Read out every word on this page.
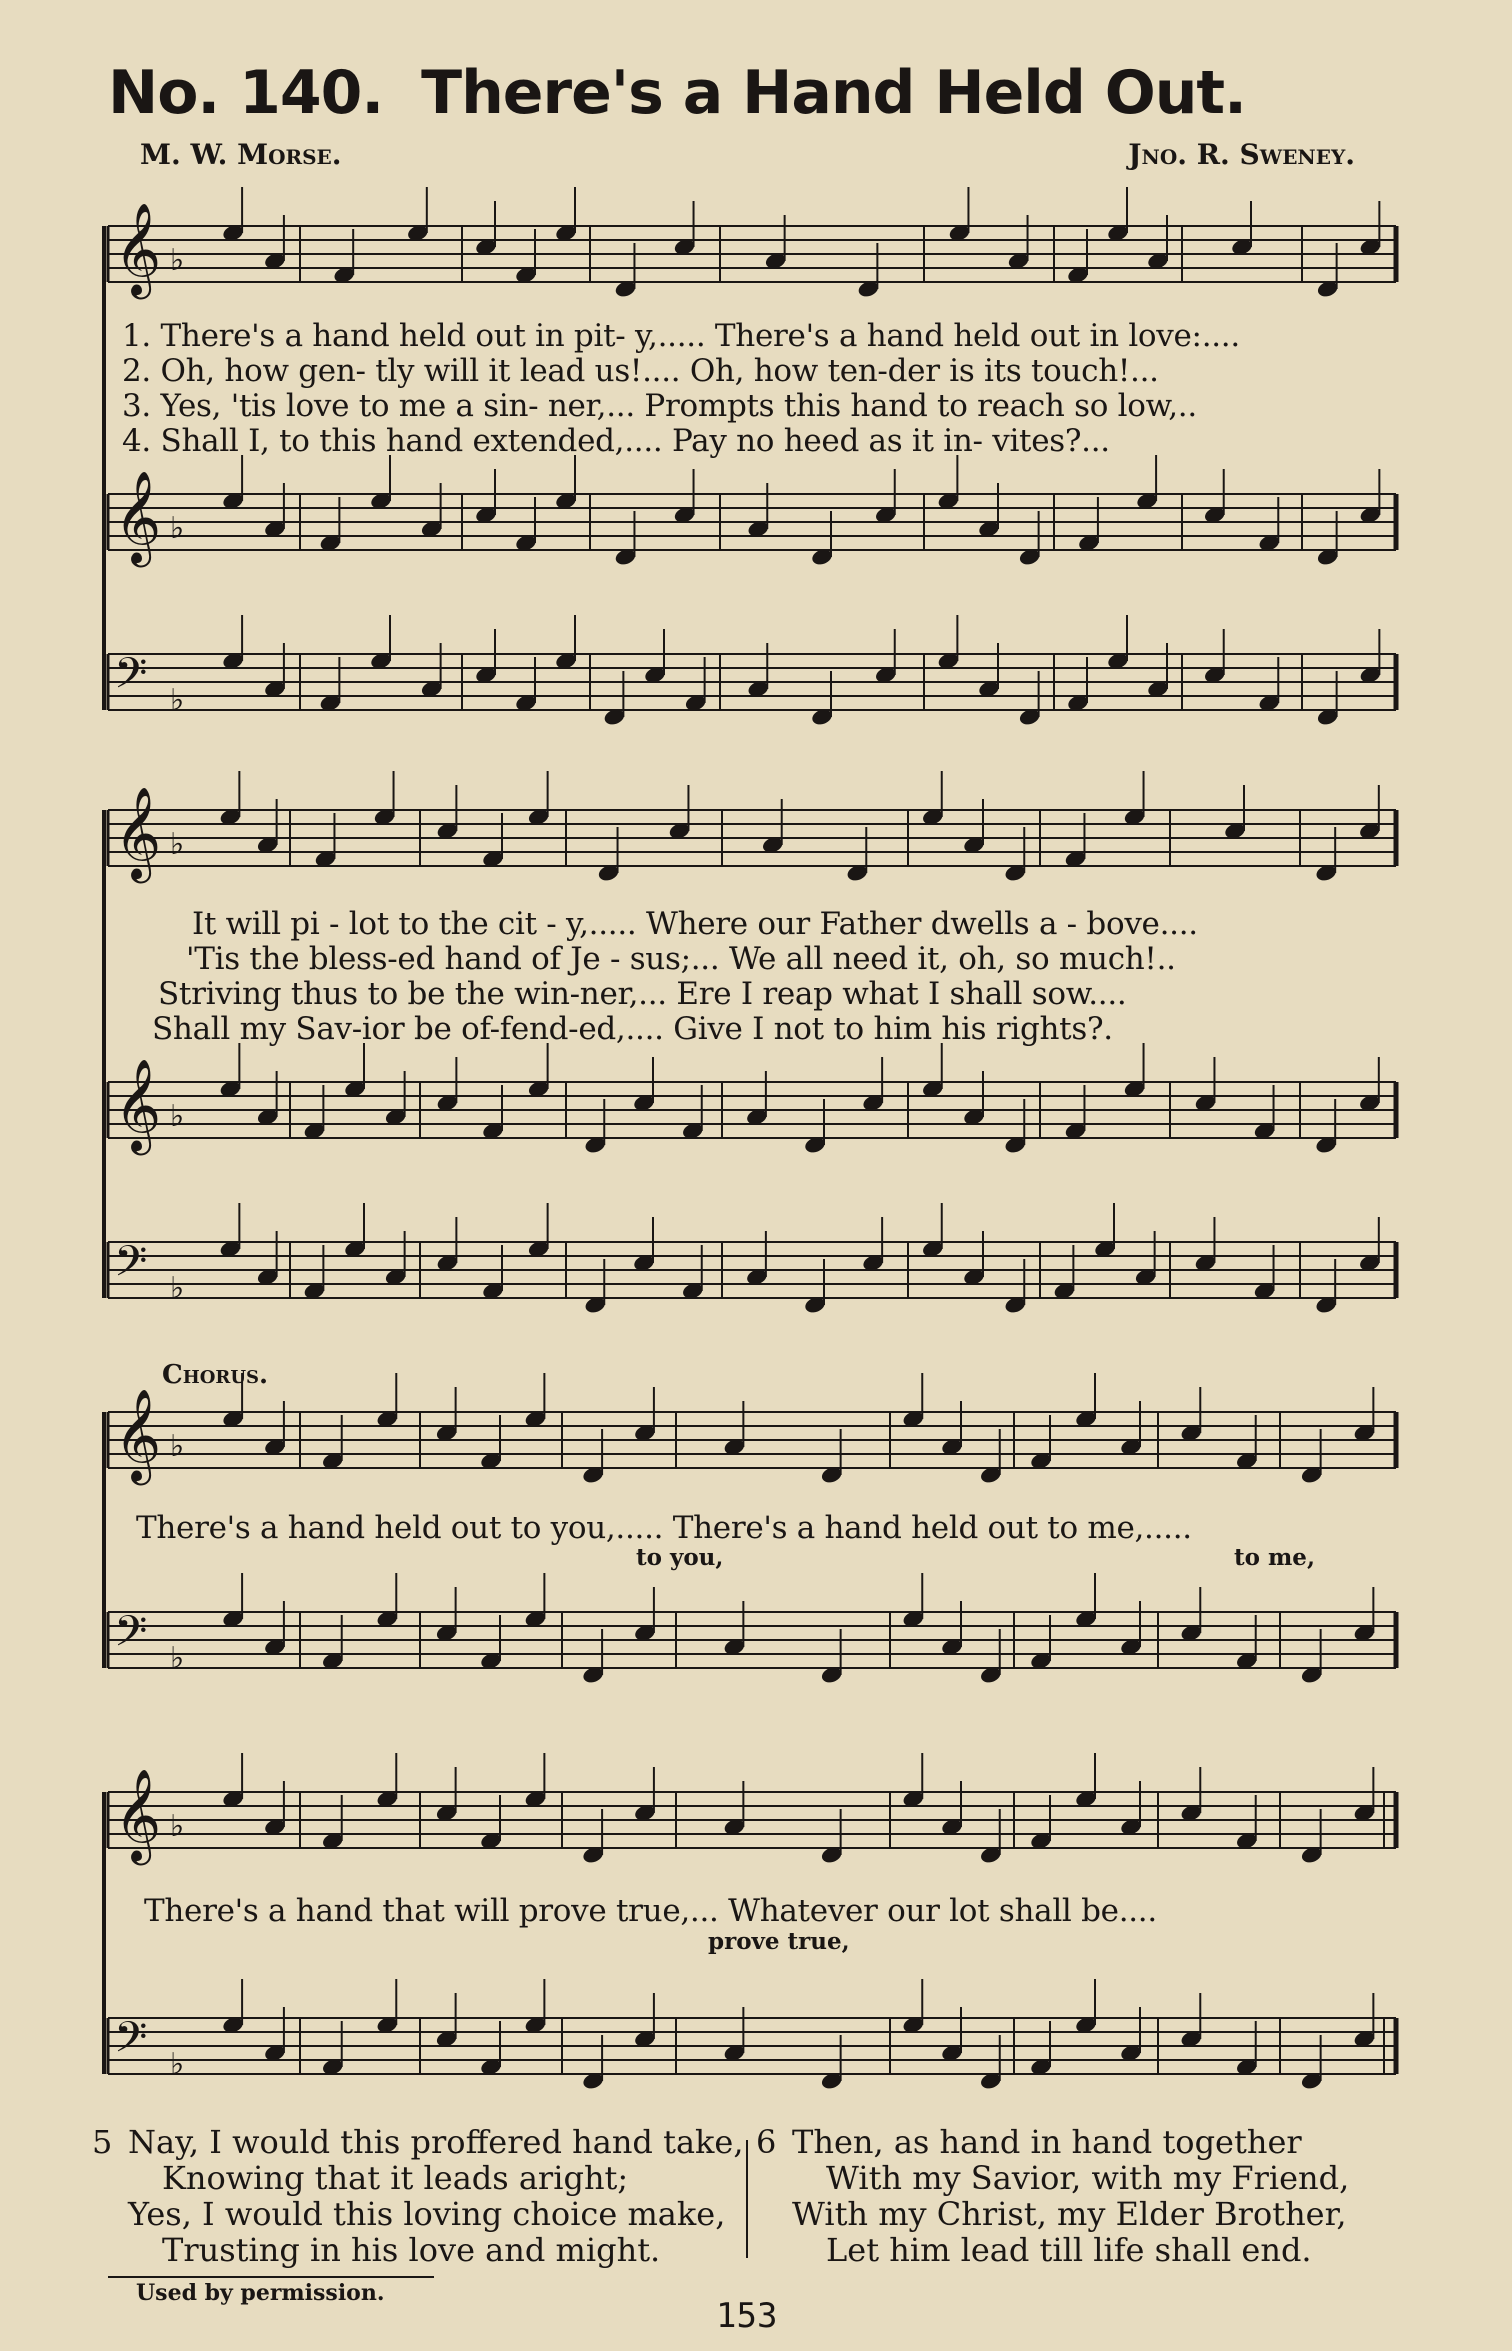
No. 140. There's a Hand Held Out.
M. W. Morse.	Jno. R. Sweney.
𝄞 ♭
𝄞 ♭
𝄢 ♭
𝄞 ♭
𝄞 ♭
𝄢 ♭
𝄞 ♭
𝄢 ♭
𝄞 ♭
𝄢 ♭
1. There's a hand held out in pit- y,..... There's a hand held out in love:....
2. Oh, how gen- tly will it lead us!.... Oh, how ten-der is its touch!...
3. Yes, 'tis love to me a sin- ner,... Prompts this hand to reach so low,..
4. Shall I, to this hand extended,.... Pay no heed as it in- vites?...
It will pi - lot to the cit - y,..... Where our Father dwells a - bove....
'Tis the bless-ed hand of Je - sus;... We all need it, oh, so much!..
Striving thus to be the win-ner,... Ere I reap what I shall sow....
Shall my Sav-ior be of-fend-ed,.... Give I not to him his rights?.
Chorus.
There's a hand held out to you,..... There's a hand held out to me,.....
to you,	to me,
There's a hand that will prove true,... Whatever our lot shall be....
prove true,
5 Nay, I would this proffered hand take,
Knowing that it leads aright;
Yes, I would this loving choice make,
Trusting in his love and might.
6 Then, as hand in hand together
With my Savior, with my Friend,
With my Christ, my Elder Brother,
Let him lead till life shall end.
Used by permission.
153
